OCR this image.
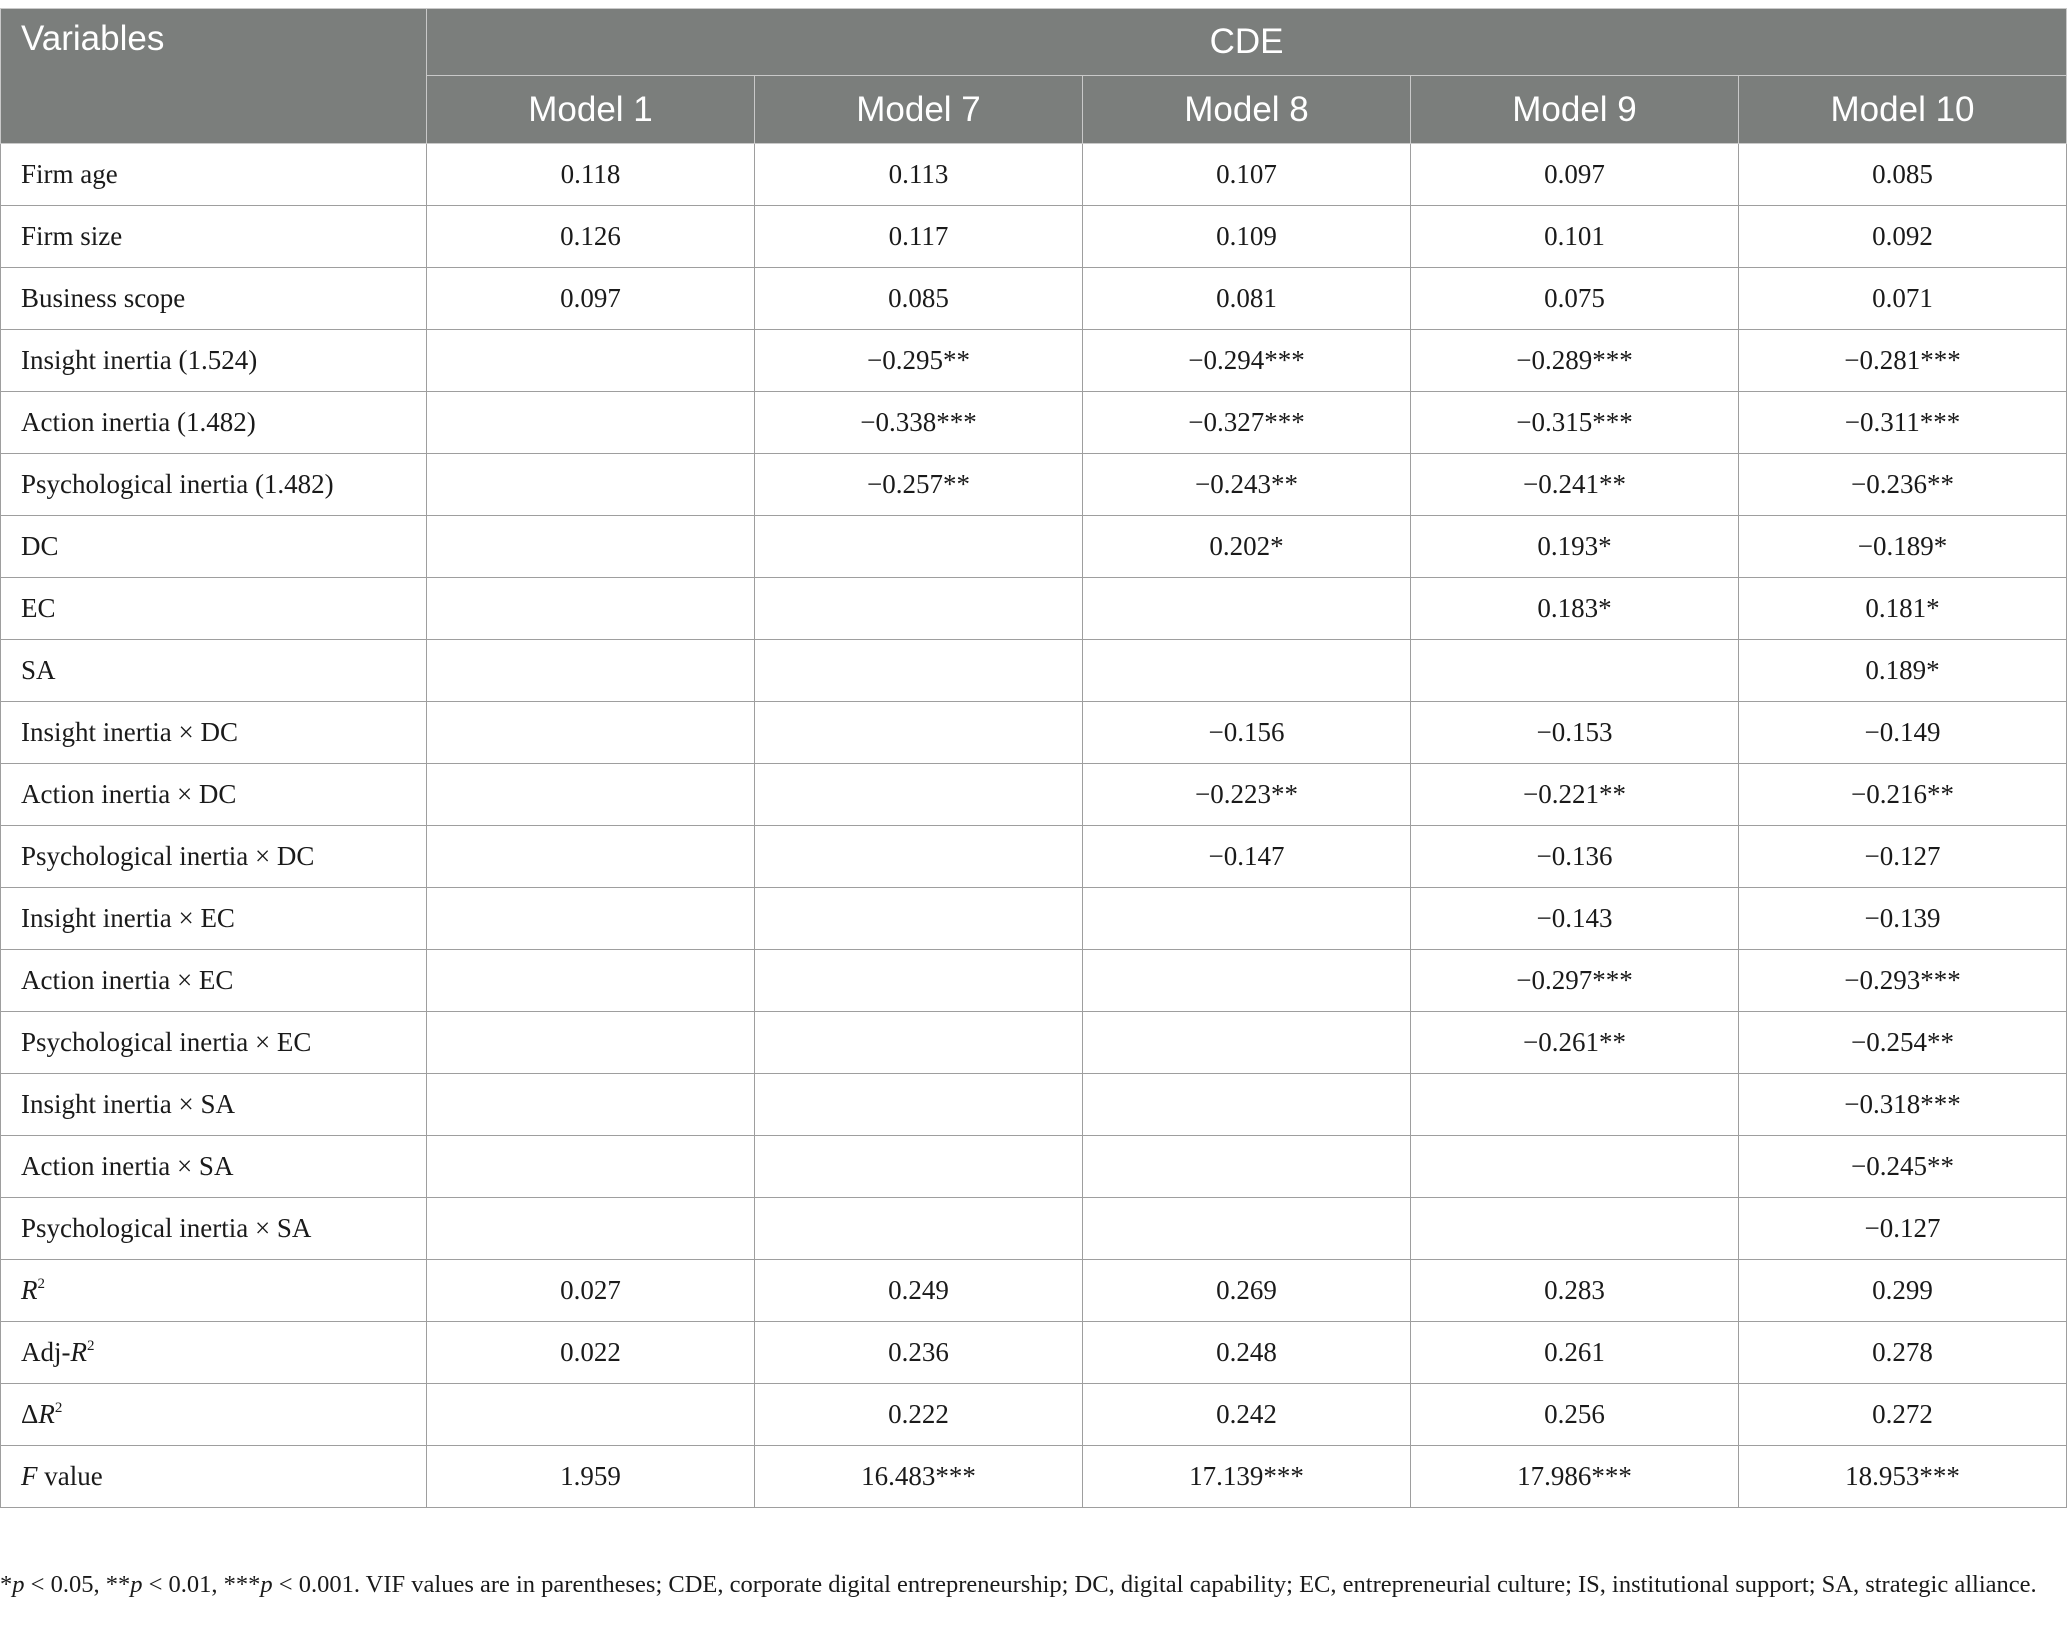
Variables	CDE				
	Model 1	Model 7	Model 8	Model 9	Model 10
Firm age	0.118	0.113	0.107	0.097	0.085
Firm size	0.126	0.117	0.109	0.101	0.092
Business scope	0.097	0.085	0.081	0.075	0.071
Insight inertia (1.524)		−0.295**	−0.294***	−0.289***	−0.281***
Action inertia (1.482)		−0.338***	−0.327***	−0.315***	−0.311***
Psychological inertia (1.482)		−0.257**	−0.243**	−0.241**	−0.236**
DC			0.202*	0.193*	−0.189*
EC				0.183*	0.181*
SA					0.189*
Insight inertia × DC			−0.156	−0.153	−0.149
Action inertia × DC			−0.223**	−0.221**	−0.216**
Psychological inertia × DC			−0.147	−0.136	−0.127
Insight inertia × EC				−0.143	−0.139
Action inertia × EC				−0.297***	−0.293***
Psychological inertia × EC				−0.261**	−0.254**
Insight inertia × SA					−0.318***
Action inertia × SA					−0.245**
Psychological inertia × SA					−0.127
$R^2$	0.027	0.249	0.269	0.283	0.299
Adj-$R^2$	0.022	0.236	0.248	0.261	0.278
$\Delta R^2$		0.222	0.242	0.256	0.272
F value	1.959	16.483***	17.139***	17.986***	18.953***
*p < 0.05, **p < 0.01, ***p < 0.001. VIF values are in parentheses; CDE, corporate digital entrepreneurship; DC, digital capability; EC, entrepreneurial culture; IS, institutional support; SA, strategic alliance.
